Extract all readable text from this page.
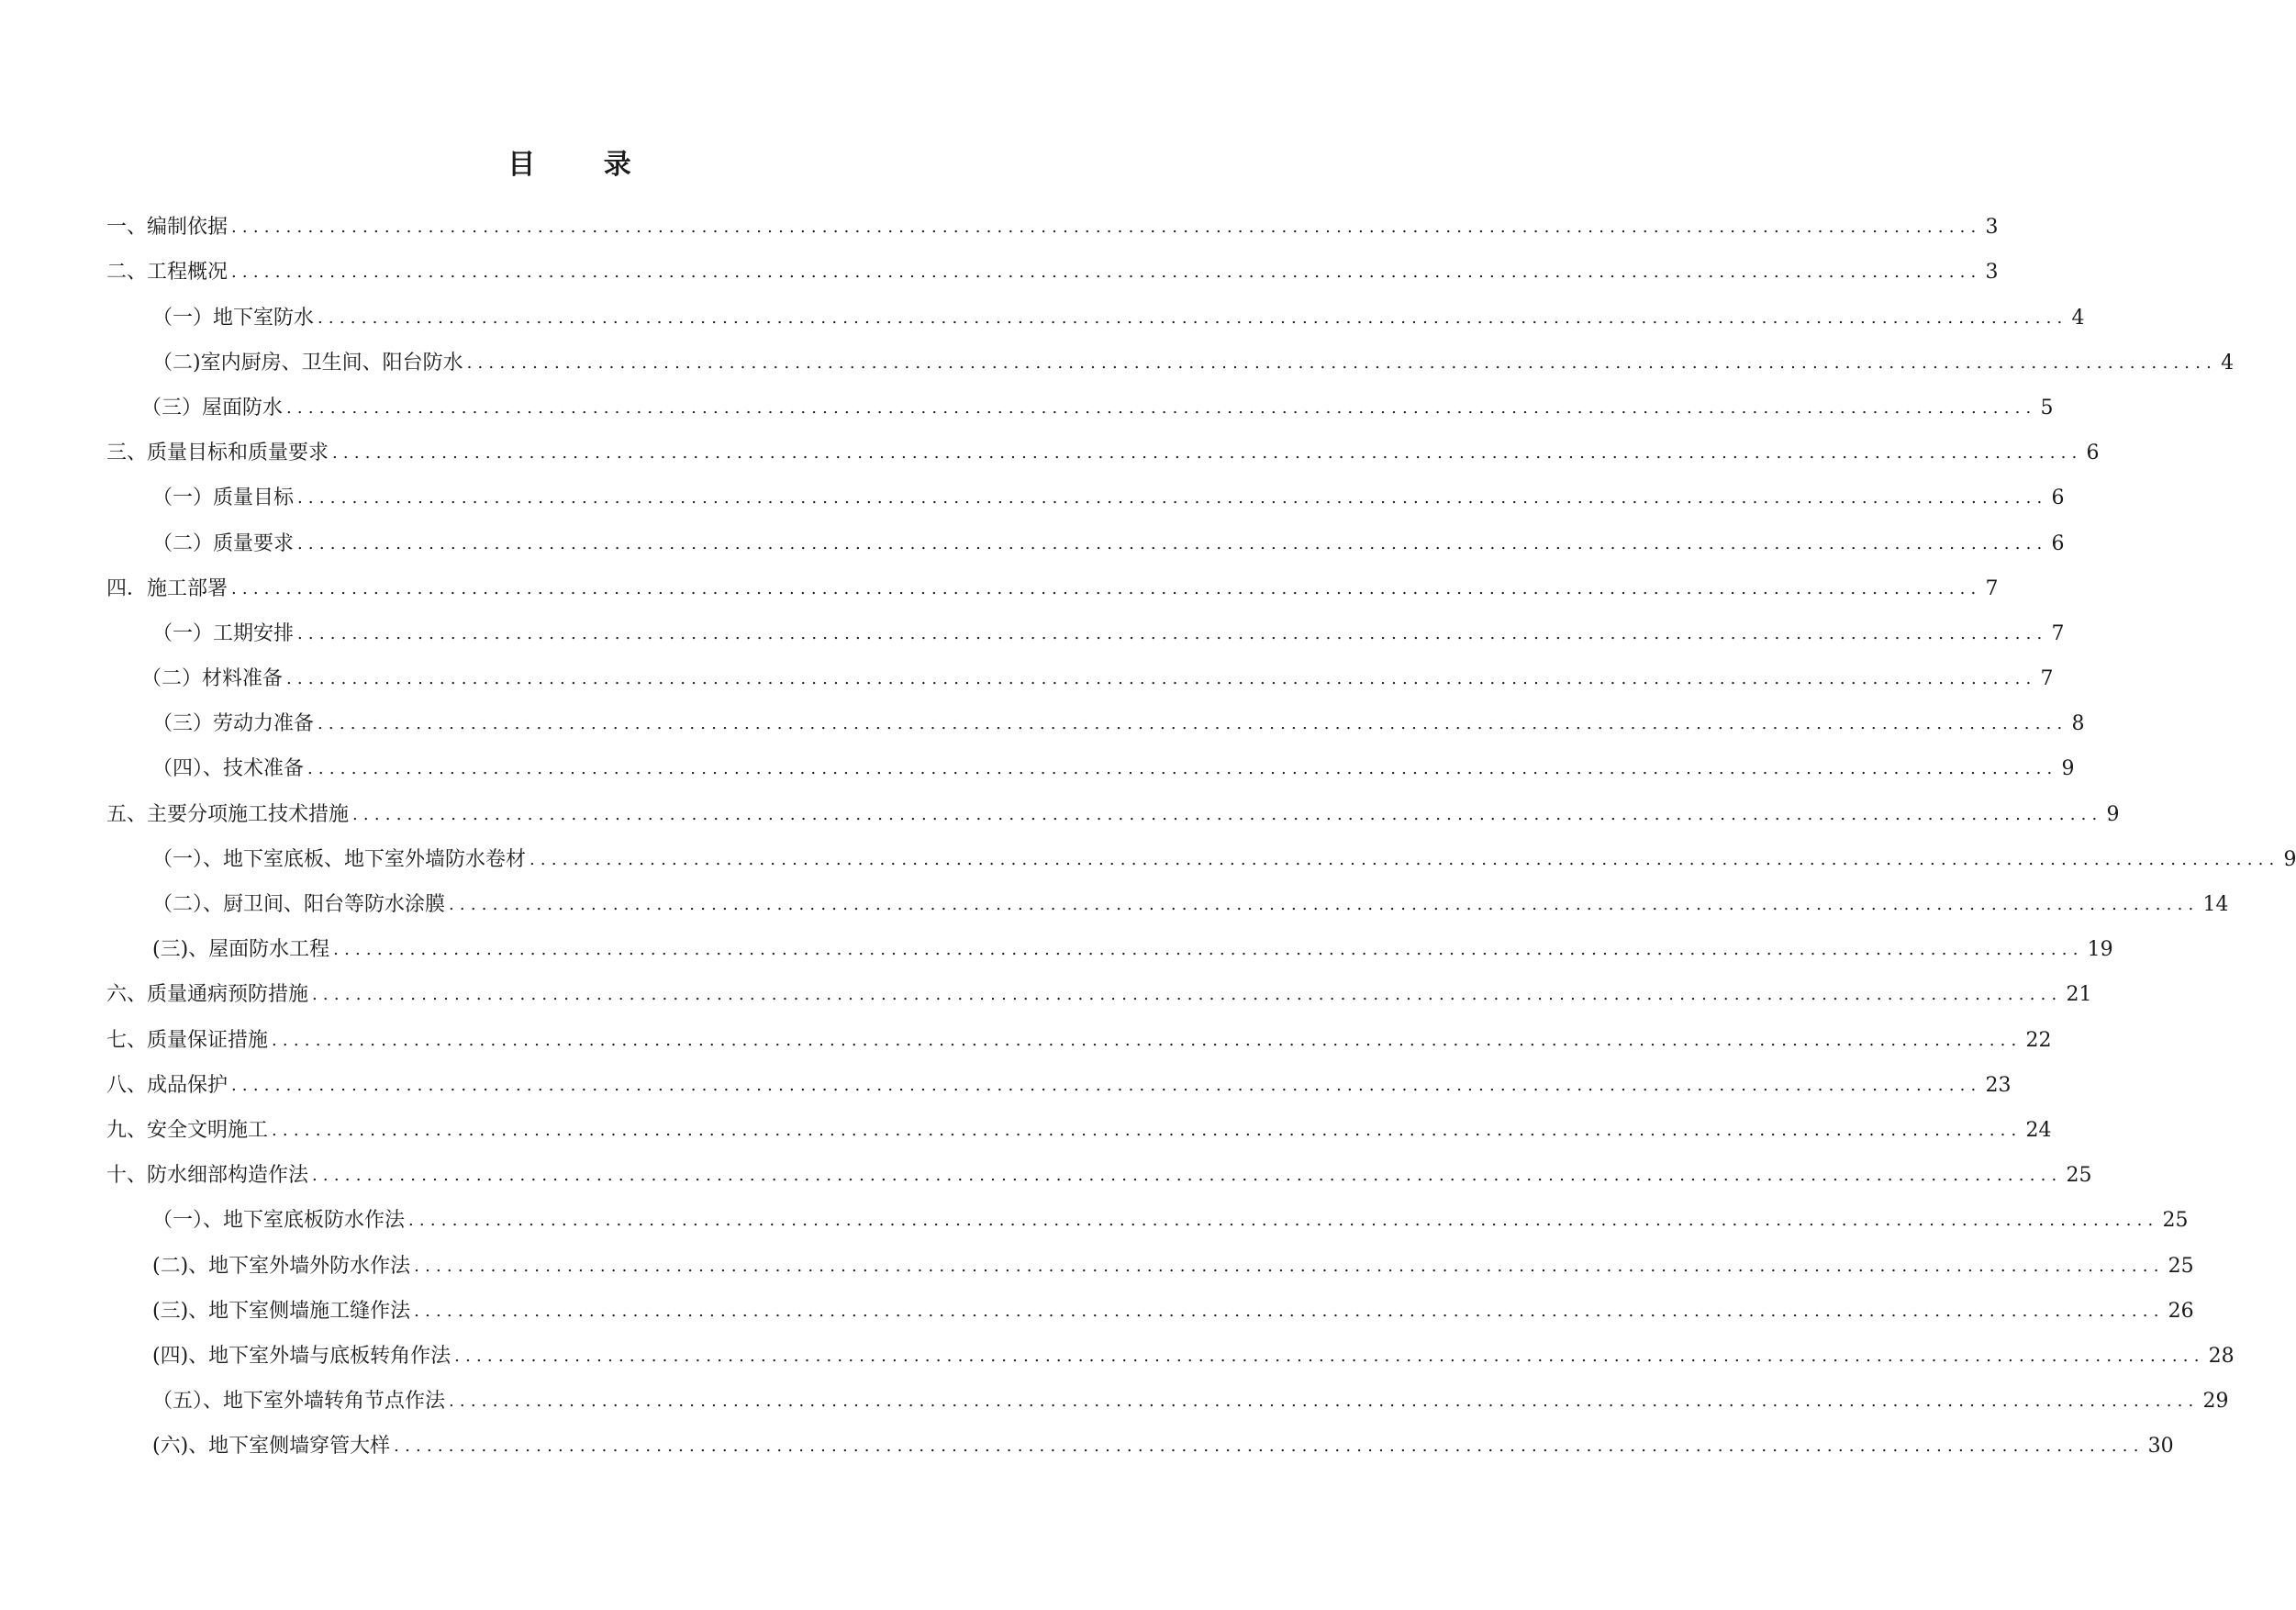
目 录
一、编制依据 ................................................................................................................................................................ 3
二、工程概况 ................................................................................................................................................................ 3
（一）地下室防水 ................................................................................................................................................................ 4
（二)室内厨房、卫生间、阳台防水 ................................................................................................................................................................ 4
（三）屋面防水 ................................................................................................................................................................ 5
三、质量目标和质量要求 ................................................................................................................................................................ 6
（一）质量目标 ................................................................................................................................................................ 6
（二）质量要求 ................................................................................................................................................................ 6
四．施工部署 ................................................................................................................................................................ 7
（一）工期安排 ................................................................................................................................................................ 7
（二）材料准备 ................................................................................................................................................................ 7
（三）劳动力准备 ................................................................................................................................................................ 8
（四）、技术准备 ................................................................................................................................................................ 9
五、主要分项施工技术措施 ................................................................................................................................................................ 9
（一）、地下室底板、地下室外墙防水卷材 ................................................................................................................................................................ 9
（二）、厨卫间、阳台等防水涂膜 ................................................................................................................................................................ 14
(三)、屋面防水工程 ................................................................................................................................................................ 19
六、质量通病预防措施 ................................................................................................................................................................ 21
七、质量保证措施 ................................................................................................................................................................ 22
八、成品保护 ................................................................................................................................................................ 23
九、安全文明施工 ................................................................................................................................................................ 24
十、防水细部构造作法 ................................................................................................................................................................ 25
（一）、地下室底板防水作法 ................................................................................................................................................................ 25
(二)、地下室外墙外防水作法 ................................................................................................................................................................ 25
(三)、地下室侧墙施工缝作法 ................................................................................................................................................................ 26
(四)、地下室外墙与底板转角作法 ................................................................................................................................................................ 28
（五）、地下室外墙转角节点作法 ................................................................................................................................................................ 29
(六)、地下室侧墙穿管大样 ................................................................................................................................................................ 30
